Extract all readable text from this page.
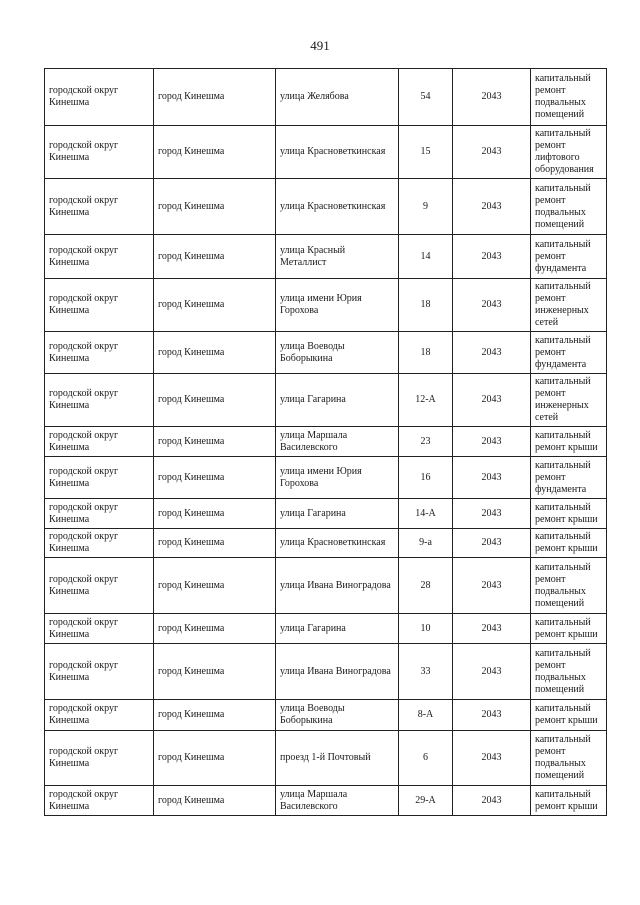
491
городской округ Кинешма	город Кинешма	улица Желябова	54	2043	капитальный ремонт подвальных помещений
городской округ Кинешма	город Кинешма	улица Красноветкинская	15	2043	капитальный ремонт лифтового оборудования
городской округ Кинешма	город Кинешма	улица Красноветкинская	9	2043	капитальный ремонт подвальных помещений
городской округ Кинешма	город Кинешма	улица Красный Металлист	14	2043	капитальный ремонт фундамента
городской округ Кинешма	город Кинешма	улица имени Юрия Горохова	18	2043	капитальный ремонт инженерных сетей
городской округ Кинешма	город Кинешма	улица Воеводы Боборыкина	18	2043	капитальный ремонт фундамента
городской округ Кинешма	город Кинешма	улица Гагарина	12-А	2043	капитальный ремонт инженерных сетей
городской округ Кинешма	город Кинешма	улица Маршала Василевского	23	2043	капитальный ремонт крыши
городской округ Кинешма	город Кинешма	улица имени Юрия Горохова	16	2043	капитальный ремонт фундамента
городской округ Кинешма	город Кинешма	улица Гагарина	14-А	2043	капитальный ремонт крыши
городской округ Кинешма	город Кинешма	улица Красноветкинская	9-а	2043	капитальный ремонт крыши
городской округ Кинешма	город Кинешма	улица Ивана Виноградова	28	2043	капитальный ремонт подвальных помещений
городской округ Кинешма	город Кинешма	улица Гагарина	10	2043	капитальный ремонт крыши
городской округ Кинешма	город Кинешма	улица Ивана Виноградова	33	2043	капитальный ремонт подвальных помещений
городской округ Кинешма	город Кинешма	улица Воеводы Боборыкина	8-А	2043	капитальный ремонт крыши
городской округ Кинешма	город Кинешма	проезд 1-й Почтовый	6	2043	капитальный ремонт подвальных помещений
городской округ Кинешма	город Кинешма	улица Маршала Василевского	29-А	2043	капитальный ремонт крыши
